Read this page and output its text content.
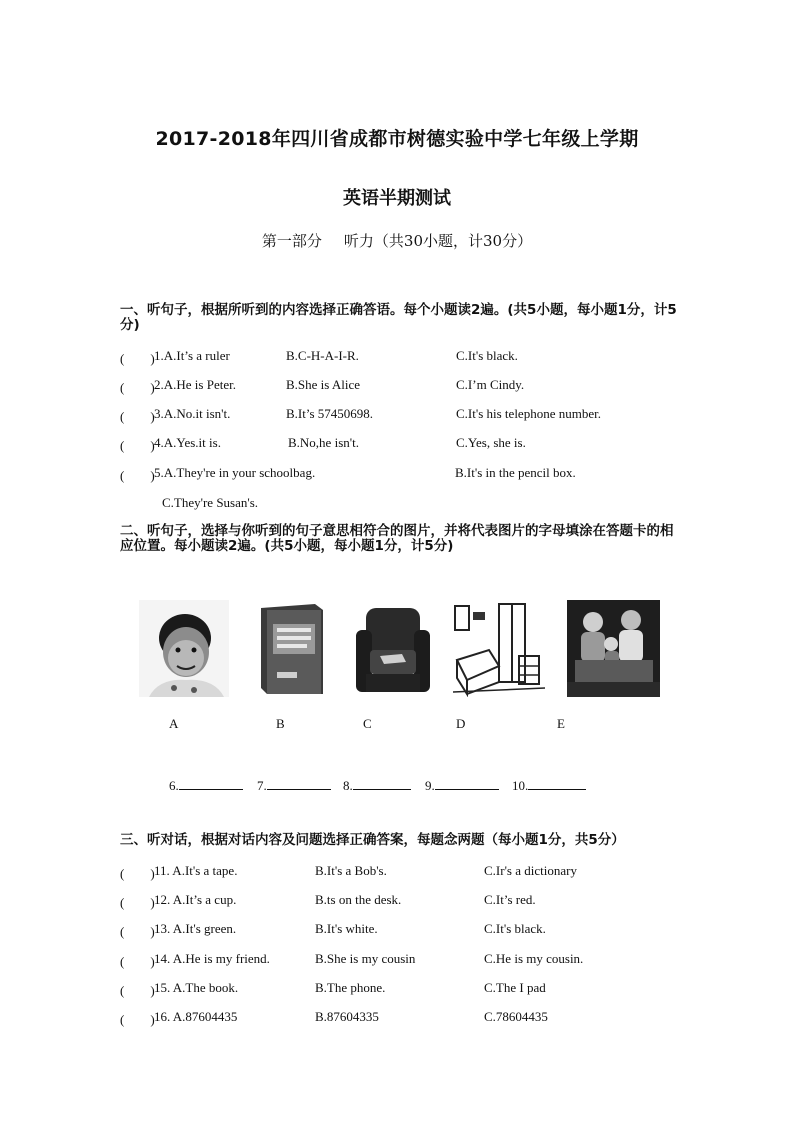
2017-2018年四川省成都市树德实验中学七年级上学期
英语半期测试
第一部分 听力（共30小题，计30分）
一、听句子，根据所听到的内容选择正确答语。每个小题读2遍。(共5小题，每小题1分，计5分)
(　　) 1.A.It’s a ruler	B.C-H-A-I-R.	C.It's black.
(　　) 2.A.He is Peter.	B.She is Alice	C.I’m Cindy.
(　　) 3.A.No.it isn't.	B.It’s 57450698.	C.It's his telephone number.
(　　) 4.A.Yes.it is.	B.No,he isn't.	C.Yes, she is.
(　　) 5.A.They're in your schoolbag.	B.It's in the pencil box.
C.They're Susan's.
二、听句子，选择与你听到的句子意思相符合的图片，并将代表图片的字母填涂在答题卡的相应位置。每小题读2遍。(共5小题，每小题1分，计5分)
A	B	C	D	E
6.	7.	8.	9.	10.
三、听对话，根据对话内容及问题选择正确答案，每题念两题（每小题1分，共5分）
(　　) 11. A.It's a tape.	B.It's a Bob's.	C.Ir's a dictionary
(　　) 12. A.It’s a cup.	B.ts on the desk.	C.It’s red.
(　　) 13. A.It's green.	B.It's white.	C.It's black.
(　　) 14. A.He is my friend.	B.She is my cousin	C.He is my cousin.
(　　) 15. A.The book.	B.The phone.	C.The I pad
(　　) 16. A.87604435	B.87604335	C.78604435
